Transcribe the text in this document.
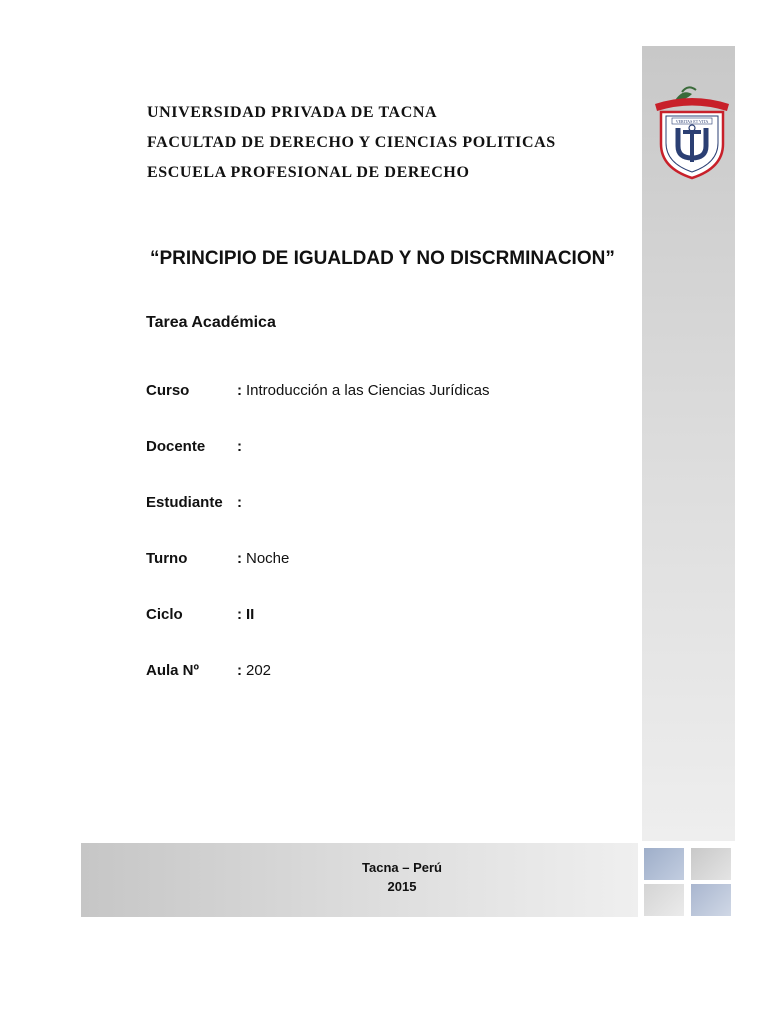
VERITAS ET VITA
UNIVERSIDAD PRIVADA DE TACNA
FACULTAD DE DERECHO Y CIENCIAS POLITICAS
ESCUELA PROFESIONAL DE DERECHO
“PRINCIPIO DE IGUALDAD Y NO DISCRMINACION”
Tarea Académica
Curso	: Introducción a las Ciencias Jurídicas
Docente :
Estudiante :
Turno	: Noche
Ciclo	: II
Aula Nº	: 202
Tacna – Perú
2015
